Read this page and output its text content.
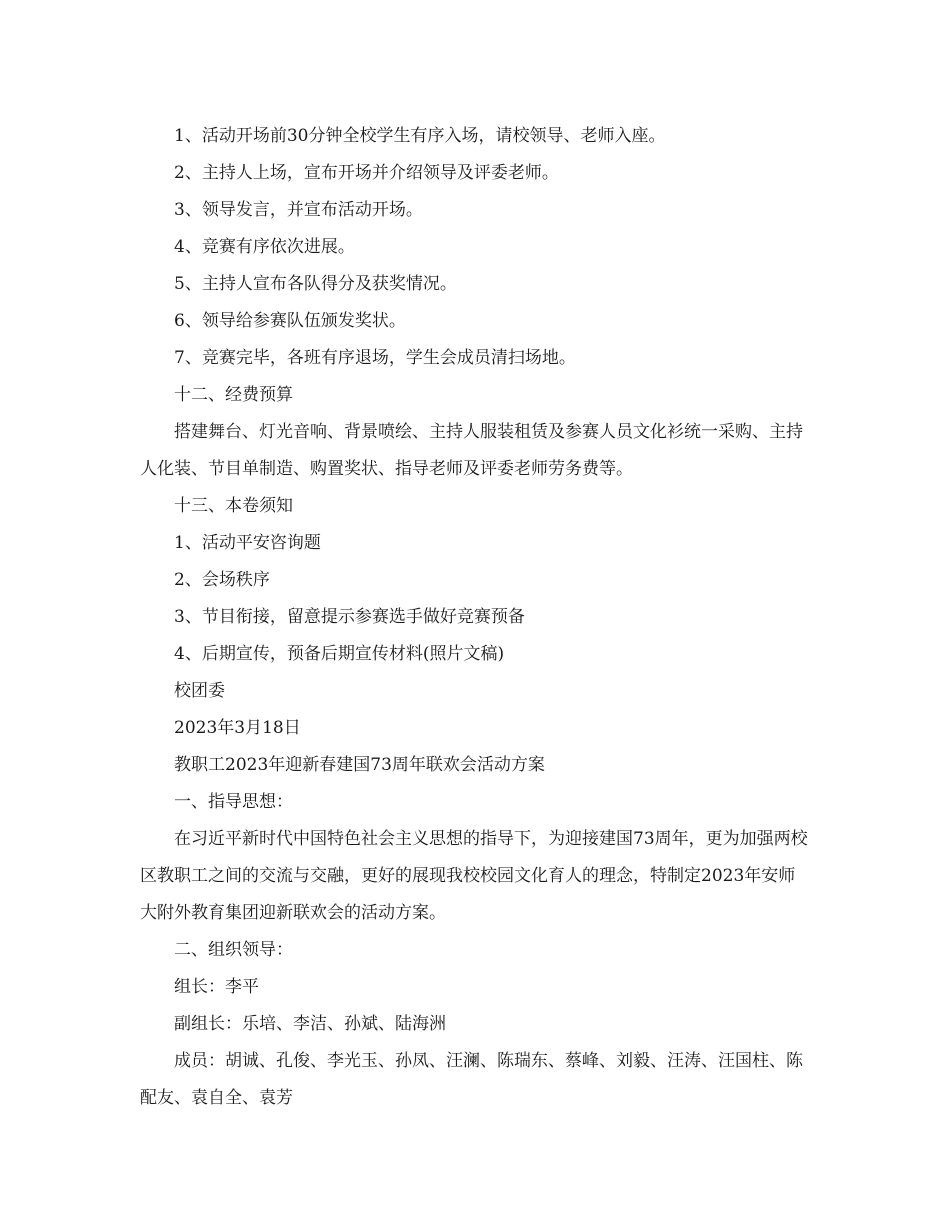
1、活动开场前30分钟全校学生有序入场，请校领导、老师入座。

2、主持人上场，宣布开场并介绍领导及评委老师。

3、领导发言，并宣布活动开场。

4、竞赛有序依次进展。

5、主持人宣布各队得分及获奖情况。

6、领导给参赛队伍颁发奖状。

7、竞赛完毕，各班有序退场，学生会成员清扫场地。

十二、经费预算

搭建舞台、灯光音响、背景喷绘、主持人服装租赁及参赛人员文化衫统一采购、主持人化装、节目单制造、购置奖状、指导老师及评委老师劳务费等。

十三、本卷须知

1、活动平安咨询题

2、会场秩序

3、节目衔接，留意提示参赛选手做好竞赛预备

4、后期宣传，预备后期宣传材料(照片文稿)

校团委

2023年3月18日

教职工2023年迎新春建国73周年联欢会活动方案

一、指导思想：

在习近平新时代中国特色社会主义思想的指导下，为迎接建国73周年，更为加强两校区教职工之间的交流与交融，更好的展现我校校园文化育人的理念，特制定2023年安师大附外教育集团迎新联欢会的活动方案。

二、组织领导：

组长：李平

副组长：乐培、李洁、孙斌、陆海洲

成员：胡诚、孔俊、李光玉、孙凤、汪澜、陈瑞东、蔡峰、刘毅、汪涛、汪国柱、陈配友、袁自全、袁芳
